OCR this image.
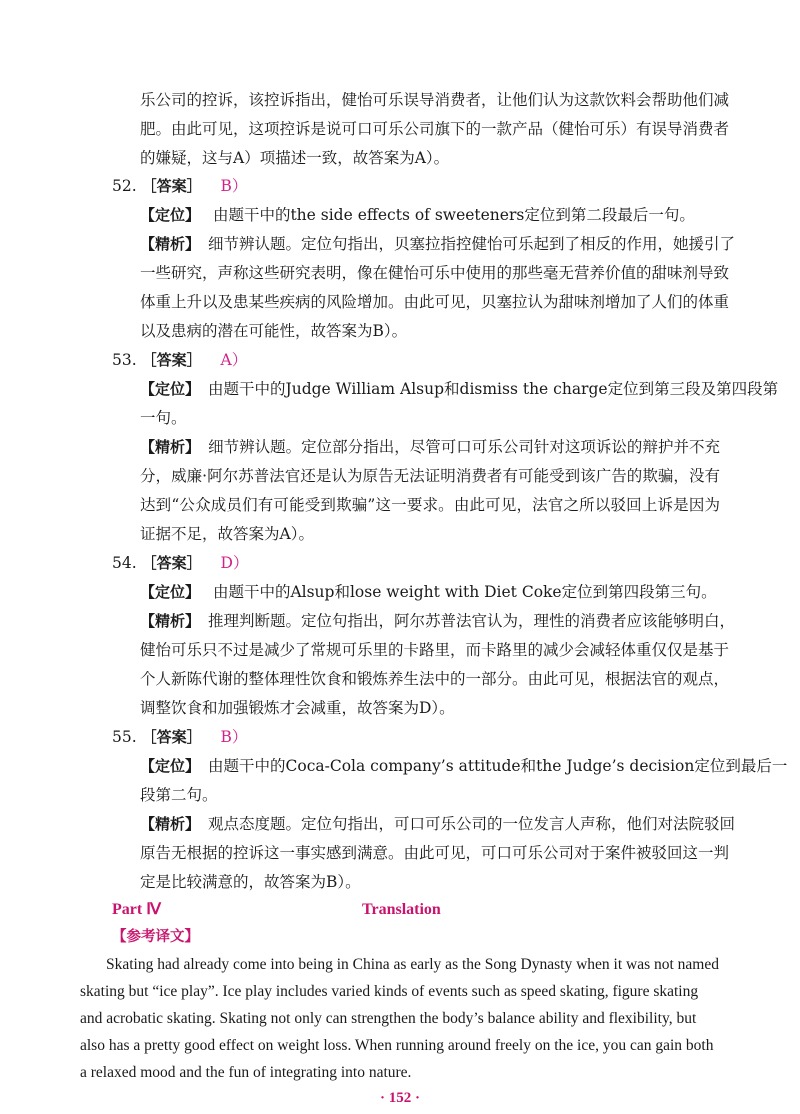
乐公司的控诉，该控诉指出，健怡可乐误导消费者，让他们认为这款饮料会帮助他们减
肥。由此可见，这项控诉是说可口可乐公司旗下的一款产品（健怡可乐）有误导消费者
的嫌疑，这与A）项描述一致，故答案为A）。
52. ［答案］ B）
【定位】 由题干中的the side effects of sweeteners定位到第二段最后一句。
【精析】 细节辨认题。定位句指出，贝塞拉指控健怡可乐起到了相反的作用，她援引了
一些研究，声称这些研究表明，像在健怡可乐中使用的那些毫无营养价值的甜味剂导致
体重上升以及患某些疾病的风险增加。由此可见，贝塞拉认为甜味剂增加了人们的体重
以及患病的潜在可能性，故答案为B）。
53. ［答案］ A）
【定位】 由题干中的Judge William Alsup和dismiss the charge定位到第三段及第四段第
一句。
【精析】 细节辨认题。定位部分指出，尽管可口可乐公司针对这项诉讼的辩护并不充
分，威廉·阿尔苏普法官还是认为原告无法证明消费者有可能受到该广告的欺骗，没有
达到“公众成员们有可能受到欺骗”这一要求。由此可见，法官之所以驳回上诉是因为
证据不足，故答案为A）。
54. ［答案］ D）
【定位】 由题干中的Alsup和lose weight with Diet Coke定位到第四段第三句。
【精析】 推理判断题。定位句指出，阿尔苏普法官认为，理性的消费者应该能够明白，
健怡可乐只不过是减少了常规可乐里的卡路里，而卡路里的减少会减轻体重仅仅是基于
个人新陈代谢的整体理性饮食和锻炼养生法中的一部分。由此可见，根据法官的观点，
调整饮食和加强锻炼才会减重，故答案为D）。
55. ［答案］ B）
【定位】 由题干中的Coca-Cola company’s attitude和the Judge’s decision定位到最后一
段第二句。
【精析】 观点态度题。定位句指出，可口可乐公司的一位发言人声称，他们对法院驳回
原告无根据的控诉这一事实感到满意。由此可见，可口可乐公司对于案件被驳回这一判
定是比较满意的，故答案为B）。
Part Ⅳ	Translation
【参考译文】
Skating had already come into being in China as early as the Song Dynasty when it was not named
skating but “ice play”. Ice play includes varied kinds of events such as speed skating, figure skating
and acrobatic skating. Skating not only can strengthen the body’s balance ability and flexibility, but
also has a pretty good effect on weight loss. When running around freely on the ice, you can gain both
a relaxed mood and the fun of integrating into nature.
· 152 ·
